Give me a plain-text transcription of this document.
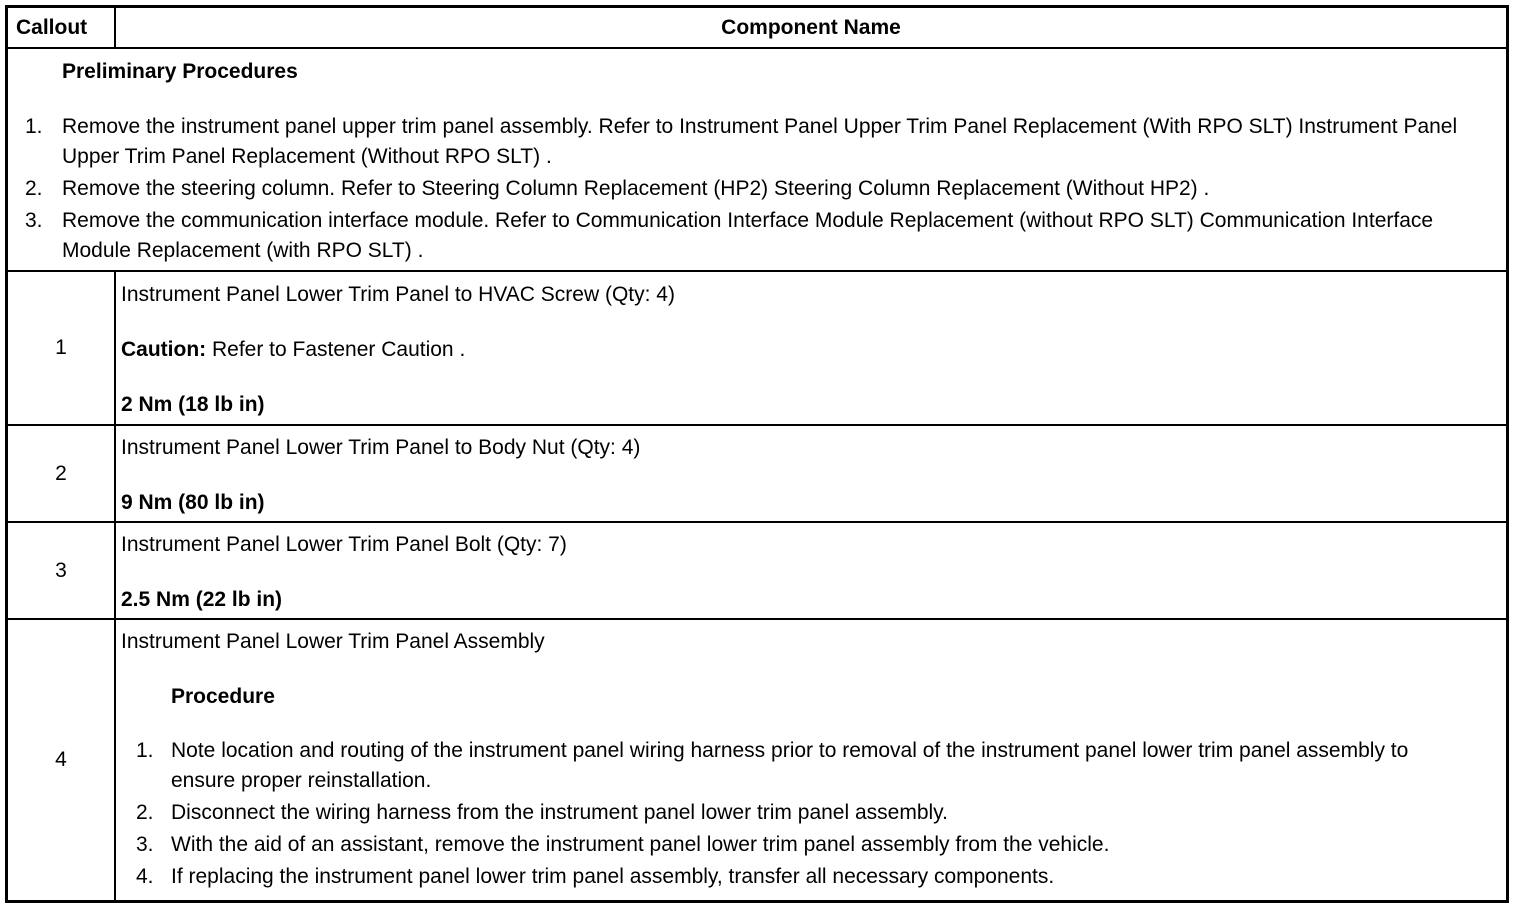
Callout	Component Name
Preliminary Procedures
1. Remove the instrument panel upper trim panel assembly. Refer to Instrument Panel Upper Trim Panel Replacement (With RPO SLT) Instrument Panel Upper Trim Panel Replacement (Without RPO SLT) .
2. Remove the steering column. Refer to Steering Column Replacement (HP2) Steering Column Replacement (Without HP2) .
3. Remove the communication interface module. Refer to Communication Interface Module Replacement (without RPO SLT) Communication Interface Module Replacement (with RPO SLT) .
1
Instrument Panel Lower Trim Panel to HVAC Screw (Qty: 4)
Caution: Refer to Fastener Caution .
2 Nm (18 lb in)
2
Instrument Panel Lower Trim Panel to Body Nut (Qty: 4)
9 Nm (80 lb in)
3
Instrument Panel Lower Trim Panel Bolt (Qty: 7)
2.5 Nm (22 lb in)
4
Instrument Panel Lower Trim Panel Assembly
Procedure
1. Note location and routing of the instrument panel wiring harness prior to removal of the instrument panel lower trim panel assembly to ensure proper reinstallation.
2. Disconnect the wiring harness from the instrument panel lower trim panel assembly.
3. With the aid of an assistant, remove the instrument panel lower trim panel assembly from the vehicle.
4. If replacing the instrument panel lower trim panel assembly, transfer all necessary components.
